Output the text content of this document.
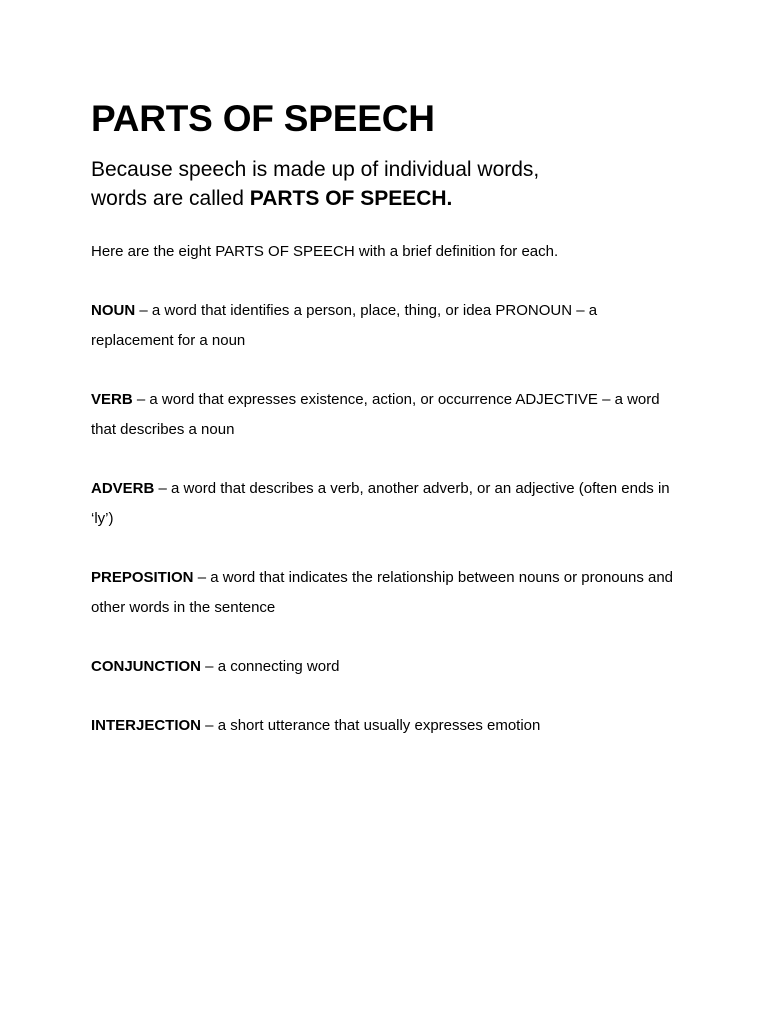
PARTS OF SPEECH

Because speech is made up of individual words,
words are called PARTS OF SPEECH.

Here are the eight PARTS OF SPEECH with a brief definition for each.

NOUN – a word that identifies a person, place, thing, or idea PRONOUN – a replacement for a noun

VERB – a word that expresses existence, action, or occurrence ADJECTIVE – a word that describes a noun

ADVERB – a word that describes a verb, another adverb, or an adjective (often ends in ‘ly’)

PREPOSITION – a word that indicates the relationship between nouns or pronouns and other words in the sentence

CONJUNCTION – a connecting word

INTERJECTION – a short utterance that usually expresses emotion
